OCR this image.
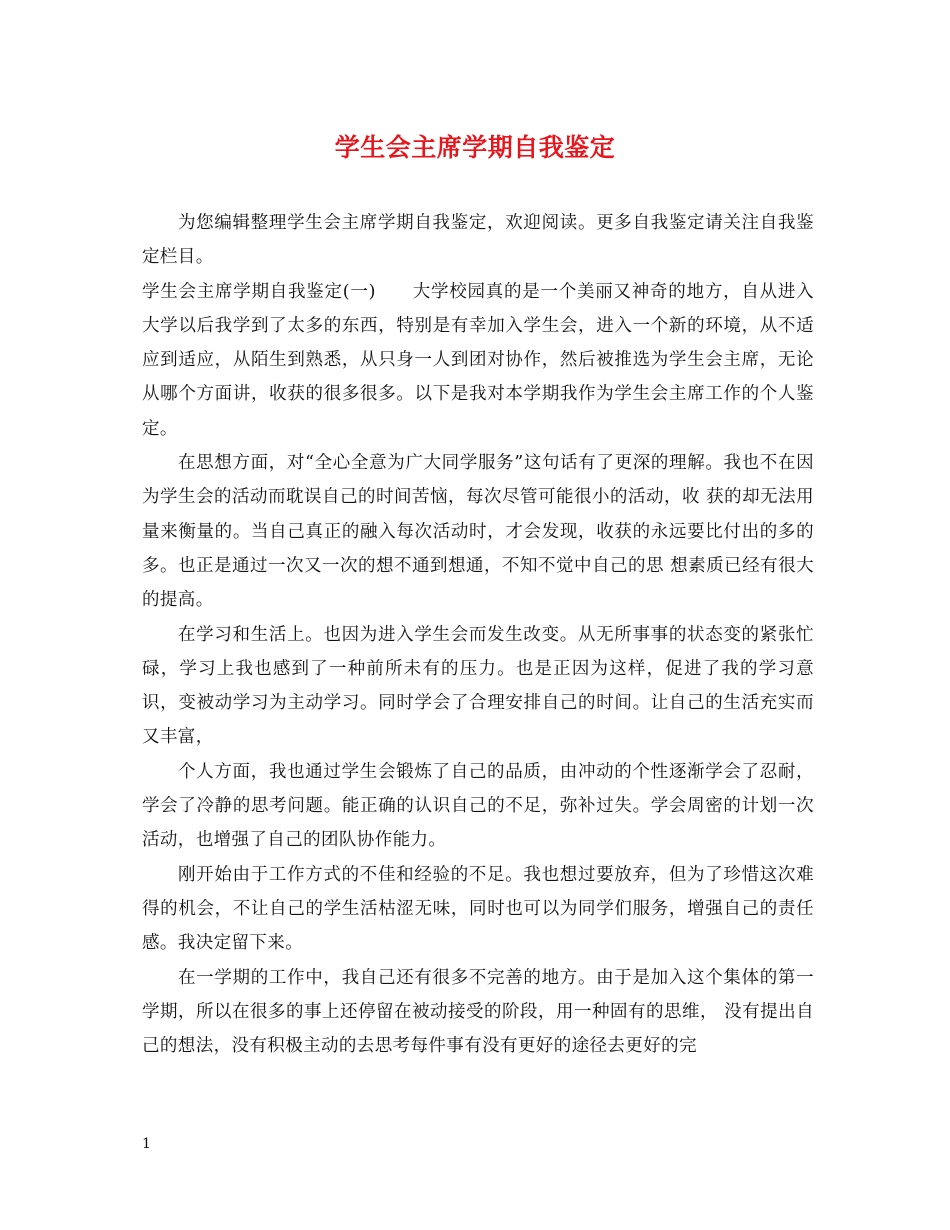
学生会主席学期自我鉴定

为您编辑整理学生会主席学期自我鉴定，欢迎阅读。更多自我鉴定请关注自我鉴定栏目。

学生会主席学期自我鉴定(一)　　大学校园真的是一个美丽又神奇的地方，自从进入大学以后我学到了太多的东西，特别是有幸加入学生会，进入一个新的环境，从不适应到适应，从陌生到熟悉，从只身一人到团对协作，然后被推选为学生会主席，无论从哪个方面讲，收获的很多很多。以下是我对本学期我作为学生会主席工作的个人鉴定。

在思想方面，对“全心全意为广大同学服务”这句话有了更深的理解。我也不在因为学生会的活动而耽误自己的时间苦恼，每次尽管可能很小的活动，收 获的却无法用量来衡量的。当自己真正的融入每次活动时，才会发现，收获的永远要比付出的多的多。也正是通过一次又一次的想不通到想通，不知不觉中自己的思 想素质已经有很大的提高。

在学习和生活上。也因为进入学生会而发生改变。从无所事事的状态变的紧张忙碌，学习上我也感到了一种前所未有的压力。也是正因为这样，促进了我的学习意识，变被动学习为主动学习。同时学会了合理安排自己的时间。让自己的生活充实而又丰富，

个人方面，我也通过学生会锻炼了自己的品质，由冲动的个性逐渐学会了忍耐，学会了冷静的思考问题。能正确的认识自己的不足，弥补过失。学会周密的计划一次活动，也增强了自己的团队协作能力。

刚开始由于工作方式的不佳和经验的不足。我也想过要放弃，但为了珍惜这次难得的机会，不让自己的学生活枯涩无味，同时也可以为同学们服务，增强自己的责任感。我决定留下来。

在一学期的工作中，我自己还有很多不完善的地方。由于是加入这个集体的第一学期，所以在很多的事上还停留在被动接受的阶段，用一种固有的思维， 没有提出自己的想法，没有积极主动的去思考每件事有没有更好的途径去更好的完

1
